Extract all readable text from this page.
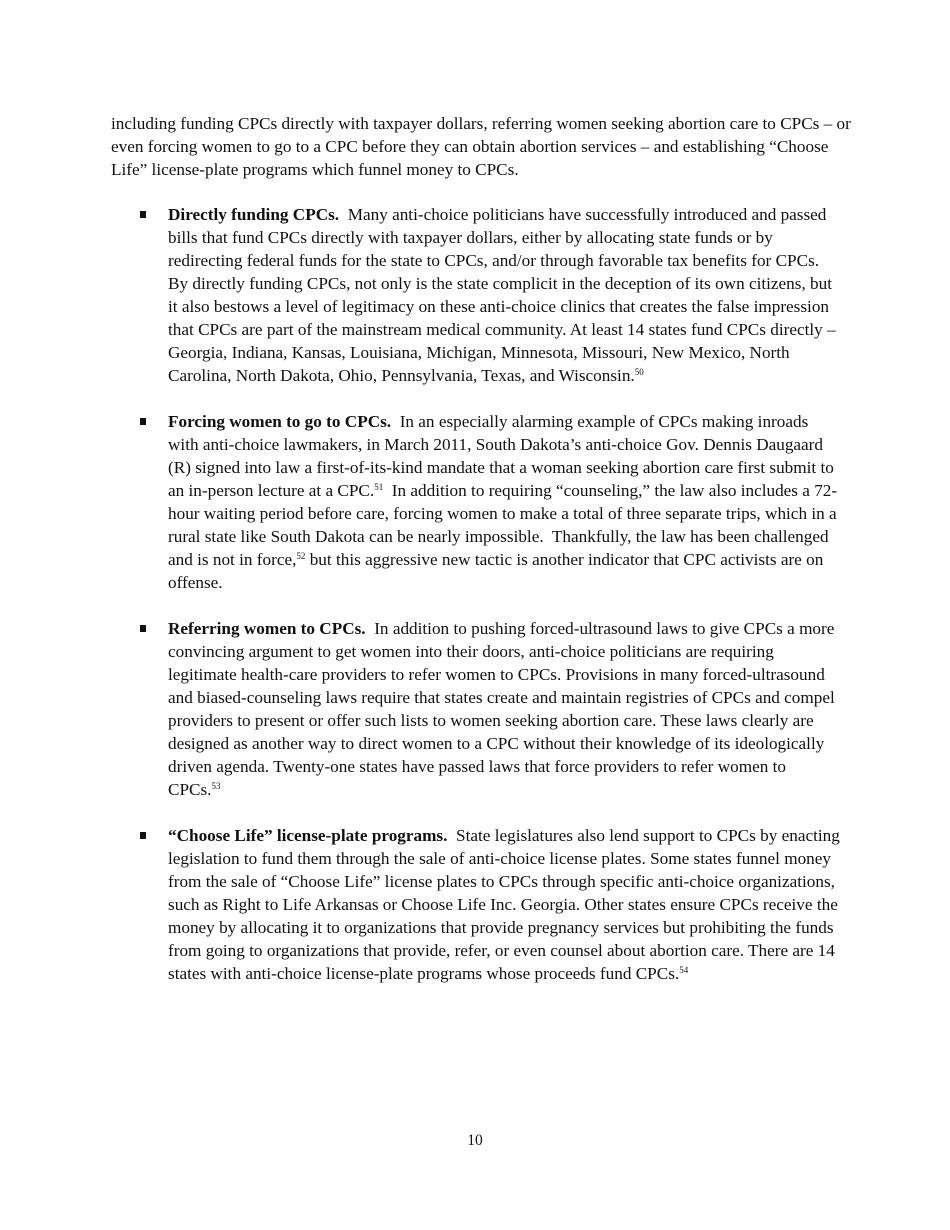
including funding CPCs directly with taxpayer dollars, referring women seeking abortion care to CPCs – or even forcing women to go to a CPC before they can obtain abortion services – and establishing “Choose Life” license-plate programs which funnel money to CPCs.

Directly funding CPCs. Many anti-choice politicians have successfully introduced and passed bills that fund CPCs directly with taxpayer dollars, either by allocating state funds or by redirecting federal funds for the state to CPCs, and/or through favorable tax benefits for CPCs. By directly funding CPCs, not only is the state complicit in the deception of its own citizens, but it also bestows a level of legitimacy on these anti-choice clinics that creates the false impression that CPCs are part of the mainstream medical community. At least 14 states fund CPCs directly – Georgia, Indiana, Kansas, Louisiana, Michigan, Minnesota, Missouri, New Mexico, North Carolina, North Dakota, Ohio, Pennsylvania, Texas, and Wisconsin.$^{50}$

Forcing women to go to CPCs. In an especially alarming example of CPCs making inroads with anti-choice lawmakers, in March 2011, South Dakota’s anti-choice Gov. Dennis Daugaard (R) signed into law a first-of-its-kind mandate that a woman seeking abortion care first submit to an in-person lecture at a CPC.$^{51}$  In addition to requiring “counseling,” the law also includes a 72-hour waiting period before care, forcing women to make a total of three separate trips, which in a rural state like South Dakota can be nearly impossible.  Thankfully, the law has been challenged and is not in force,$^{52}$ but this aggressive new tactic is another indicator that CPC activists are on offense.

Referring women to CPCs. In addition to pushing forced-ultrasound laws to give CPCs a more convincing argument to get women into their doors, anti-choice politicians are requiring legitimate health-care providers to refer women to CPCs. Provisions in many forced-ultrasound and biased-counseling laws require that states create and maintain registries of CPCs and compel providers to present or offer such lists to women seeking abortion care. These laws clearly are designed as another way to direct women to a CPC without their knowledge of its ideologically driven agenda. Twenty-one states have passed laws that force providers to refer women to CPCs.$^{53}$

“Choose Life” license-plate programs. State legislatures also lend support to CPCs by enacting legislation to fund them through the sale of anti-choice license plates. Some states funnel money from the sale of “Choose Life” license plates to CPCs through specific anti-choice organizations, such as Right to Life Arkansas or Choose Life Inc. Georgia. Other states ensure CPCs receive the money by allocating it to organizations that provide pregnancy services but prohibiting the funds from going to organizations that provide, refer, or even counsel about abortion care. There are 14 states with anti-choice license-plate programs whose proceeds fund CPCs.$^{54}$

10
